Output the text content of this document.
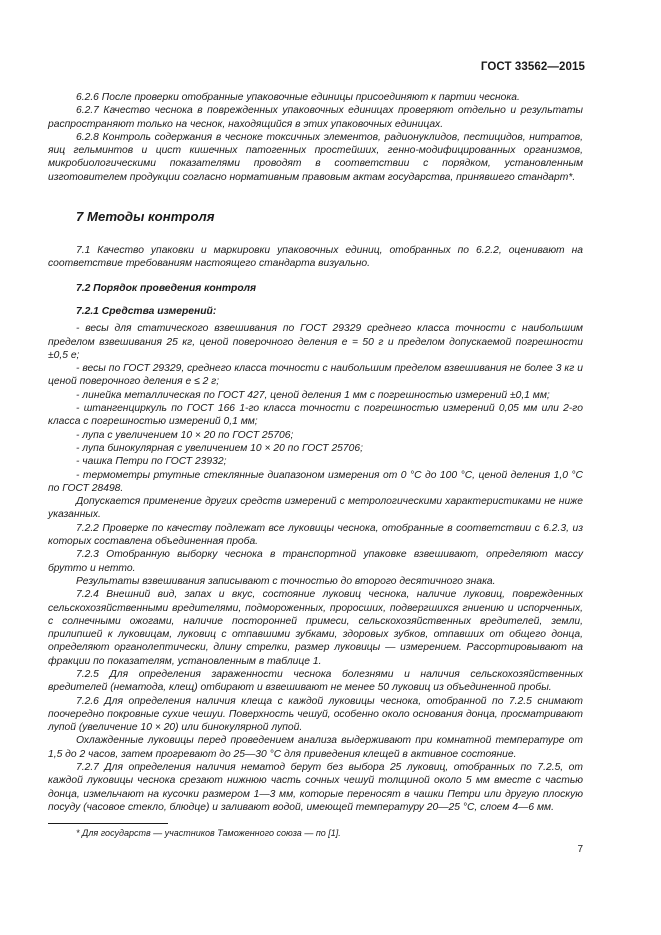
ГОСТ 33562—2015

6.2.6 После проверки отобранные упаковочные единицы присоединяют к партии чеснока.

6.2.7 Качество чеснока в поврежденных упаковочных единицах проверяют отдельно и результаты распространяют только на чеснок, находящийся в этих упаковочных единицах.

6.2.8 Контроль содержания в чесноке токсичных элементов, радионуклидов, пестицидов, нитратов, яиц гельминтов и цист кишечных патогенных простейших, генно-модифицированных организмов, микробиологическими показателями проводят в соответствии с порядком, установленным изготовителем продукции согласно нормативным правовым актам государства, принявшего стандарт*.

7 Методы контроля

7.1 Качество упаковки и маркировки упаковочных единиц, отобранных по 6.2.2, оценивают на соответствие требованиям настоящего стандарта визуально.

7.2 Порядок проведения контроля
7.2.1 Средства измерений:

- весы для статического взвешивания по ГОСТ 29329 среднего класса точности с наибольшим пределом взвешивания 25 кг, ценой поверочного деления е = 50 г и пределом допускаемой погрешности ±0,5 е;

- весы по ГОСТ 29329, среднего класса точности с наибольшим пределом взвешивания не более 3 кг и ценой поверочного деления е ≤ 2 г;

- линейка металлическая по ГОСТ 427, ценой деления 1 мм с погрешностью измерений ±0,1 мм;

- штангенциркуль по ГОСТ 166 1-го класса точности с погрешностью измерений 0,05 мм или 2-го класса с погрешностью измерений 0,1 мм;

- лупа с увеличением 10 × 20 по ГОСТ 25706;

- лупа бинокулярная с увеличением 10 × 20 по ГОСТ 25706;

- чашка Петри по ГОСТ 23932;

- термометры ртутные стеклянные диапазоном измерения от 0 °С до 100 °С, ценой деления 1,0 °С по ГОСТ 28498.

Допускается применение других средств измерений с метрологическими характеристиками не ниже указанных.

7.2.2 Проверке по качеству подлежат все луковицы чеснока, отобранные в соответствии с 6.2.3, из которых составлена объединенная проба.

7.2.3 Отобранную выборку чеснока в транспортной упаковке взвешивают, определяют массу брутто и нетто.

Результаты взвешивания записывают с точностью до второго десятичного знака.

7.2.4 Внешний вид, запах и вкус, состояние луковиц чеснока, наличие луковиц, поврежденных сельскохозяйственными вредителями, подмороженных, проросших, подвергшихся гниению и испорченных, с солнечными ожогами, наличие посторонней примеси, сельскохозяйственных вредителей, земли, прилипшей к луковицам, луковиц с отпавшими зубками, здоровых зубков, отпавших от общего донца, определяют органолептически, длину стрелки, размер луковицы — измерением. Рассортировывают на фракции по показателям, установленным в таблице 1.

7.2.5 Для определения зараженности чеснока болезнями и наличия сельскохозяйственных вредителей (нематода, клещ) отбирают и взвешивают не менее 50 луковиц из объединенной пробы.

7.2.6 Для определения наличия клеща с каждой луковицы чеснока, отобранной по 7.2.5 снимают поочередно покровные сухие чешуи. Поверхность чешуй, особенно около основания донца, просматривают лупой (увеличение 10 × 20) или бинокулярной лупой.

Охлажденные луковицы перед проведением анализа выдерживают при комнатной температуре от 1,5 до 2 часов, затем прогревают до 25—30 °С для приведения клещей в активное состояние.

7.2.7 Для определения наличия нематод берут без выбора 25 луковиц, отобранных по 7.2.5, от каждой луковицы чеснока срезают нижнюю часть сочных чешуй толщиной около 5 мм вместе с частью донца, измельчают на кусочки размером 1—3 мм, которые переносят в чашки Петри или другую плоскую посуду (часовое стекло, блюдце) и заливают водой, имеющей температуру 20—25 °С, слоем 4—6 мм.

* Для государств — участников Таможенного союза — по [1].
7
